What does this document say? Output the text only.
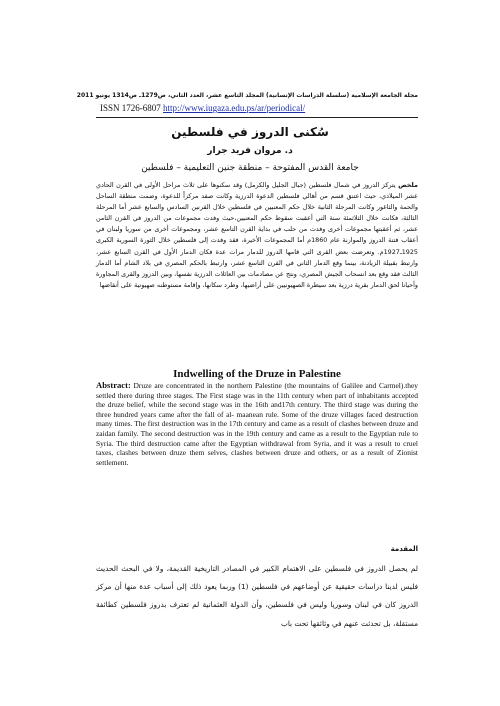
مجلة الجامعة الإسلامية (سلسلة الدراسات الإنسانية) المجلد التاسع عشر، العدد الثاني، ص1279ـ ص1314 يونيو 2011
ISSN 1726-6807 http://www.iugaza.edu.ps/ar/periodical/
سُكنى الدروز في فلسطين
د. مروان فريد جرار
جامعة القدس المفتوحة – منطقة جنين التعليمية – فلسطين
ملخص يتركز الدروز في شمال فلسطين (جبال الجليل والكرمل) وقد سكنوها على ثلاث مراحل الأولى في القرن الحادي عشر الميلادي، حيث اعتنق قسم من أهالي فلسطين الدعوة الدرزية وكانت صفد مركزاً للدعوة، وضمت منطقة الساحل والحمة والثاغور وكانت المرحلة الثانية خلال حكم المعنيين في فلسطين خلال القرنين السادس والسابع عشر أما المرحلة الثالثة، فكانت خلال الثلاثمئة سنة التي أعقبت سقوط حكم المعنيين،حيث وفدت مجموعات من الدروز في القرن الثامن عشر، ثم أعقبتها مجموعات أخرى وفدت من حلب في بداية القرن التاسع عشر، ومجموعات أخرى من سوريا ولبنان في أعقاب فتنة الدروز والموارنة عام 1860م أما المجموعات الأخيرة، فقد وفدت إلى فلسطين خلال الثورة السورية الكبرى 1925ـ1927م. وتعرضت بعض القرى التي قامها الدروز للدمار مرات عدة فكان الدمار الأول في القرن السابع عشر، وارتبط بقبيلة الزيادنة، بينما وقع الدمار الثاني في القرن التاسع عشر، وارتبط بالحكم المصري في بلاد الشام أما الدمار الثالث فقد وقع بعد انسحاب الجيش المصري، ونتج عن مصادمات بين العائلات الدرزية نفسها، وبين الدروز والقرى المجاورة وأحيانا لحق الدمار بقرية درزية بعد سيطرة الصهيونيين على أراضيها، وطرد سكانها، وإقامة مستوطنه صهيونية على أنقاضها
Indwelling of the Druze in Palestine
Abstract: Druze are concentrated in the northern Palestine (the mountains of Galilee and Carmel).they settled there during three stages. The First stage was in the 11th century when part of inhabitants accepted the druze belief, while the second stage was in the 16th and17th century. The third stage was during the three hundred years came after the fall of al- maanean rule. Some of the druze villages faced destruction many times. The first destruction was in the 17th century and came as a result of clashes between druze and zaidan family. The second destruction was in the 19th century and came as a result to the Egyptian rule to Syria. The third destruction came after the Egyptian withdrawal from Syria, and it was a result to cruel taxes, clashes between druze them selves, clashes between druze and others, or as a result of Zionist settlement.
المقدمة
لم يحصل الدروز في فلسطين على الاهتمام الكبير في المصادر التاريخية القديمة، ولا في البحث الحديث فليس لدينا دراسات حقيقية عن أوضاعهم في فلسطين (1) وربما يعود ذلك إلى أسباب عدة منها أن مركز الدروز كان في لبنان وسوريا وليس في فلسطين، وأن الدولة العثمانية لم تعترف بدروز فلسطين كطائفة مستقلة، بل تحدثت عنهم في وثائقها تحت باب
